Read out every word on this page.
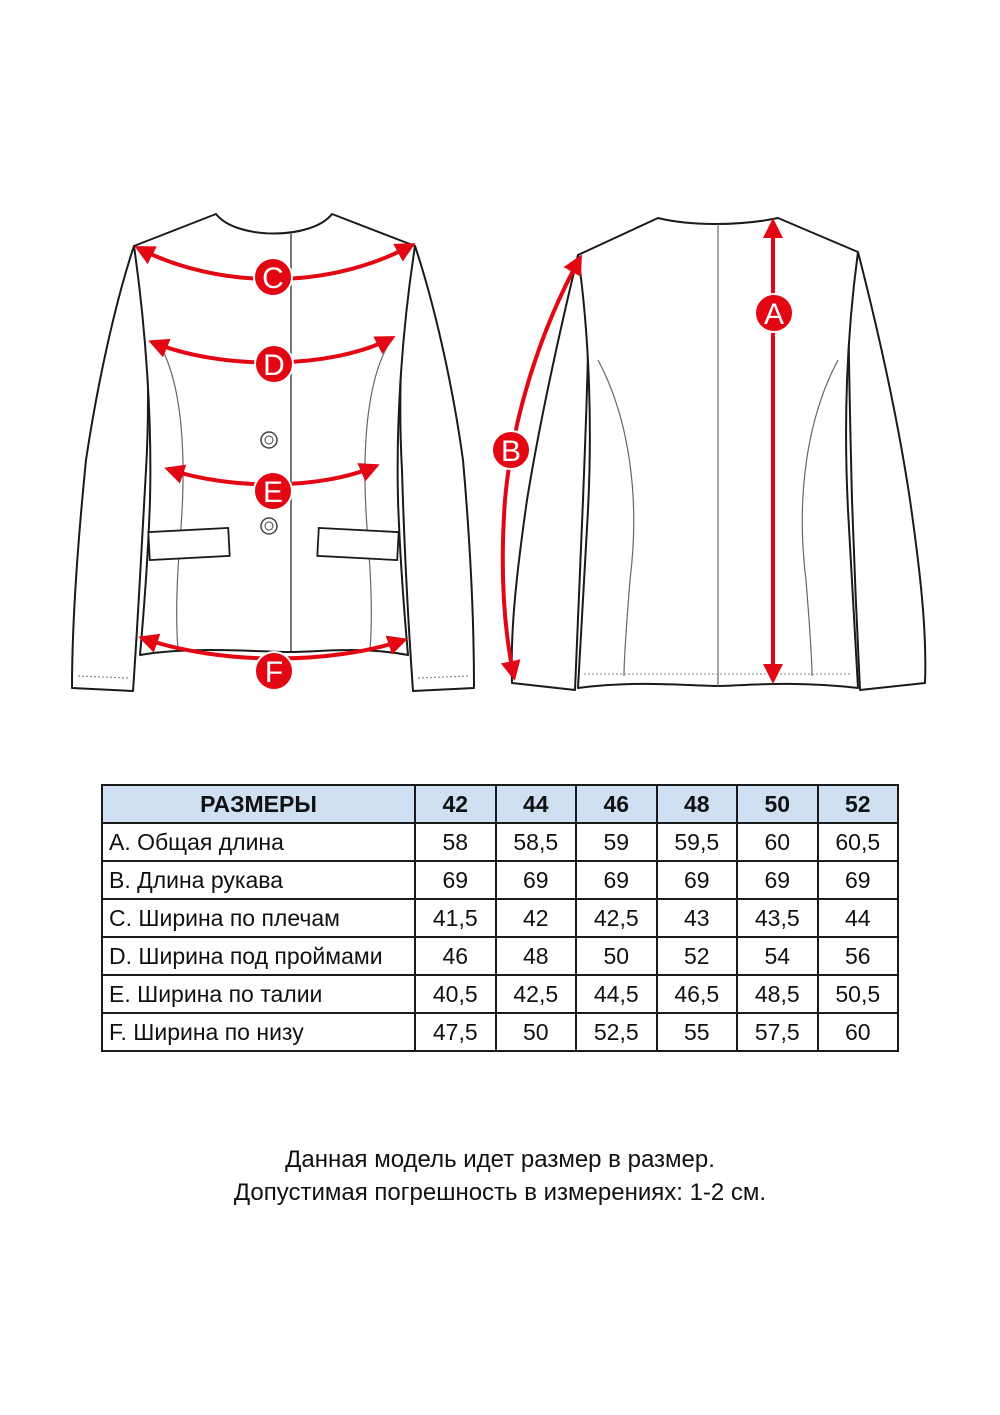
C
D
E
F
A
B
РАЗМЕРЫ	42	44	46	48	50	52
A. Общая длина	58	58,5	59	59,5	60	60,5
B. Длина рукава	69	69	69	69	69	69
C. Ширина по плечам	41,5	42	42,5	43	43,5	44
D. Ширина под проймами	46	48	50	52	54	56
E. Ширина по талии	40,5	42,5	44,5	46,5	48,5	50,5
F. Ширина по низу	47,5	50	52,5	55	57,5	60
Данная модель идет размер в размер.
Допустимая погрешность в измерениях: 1-2 см.
